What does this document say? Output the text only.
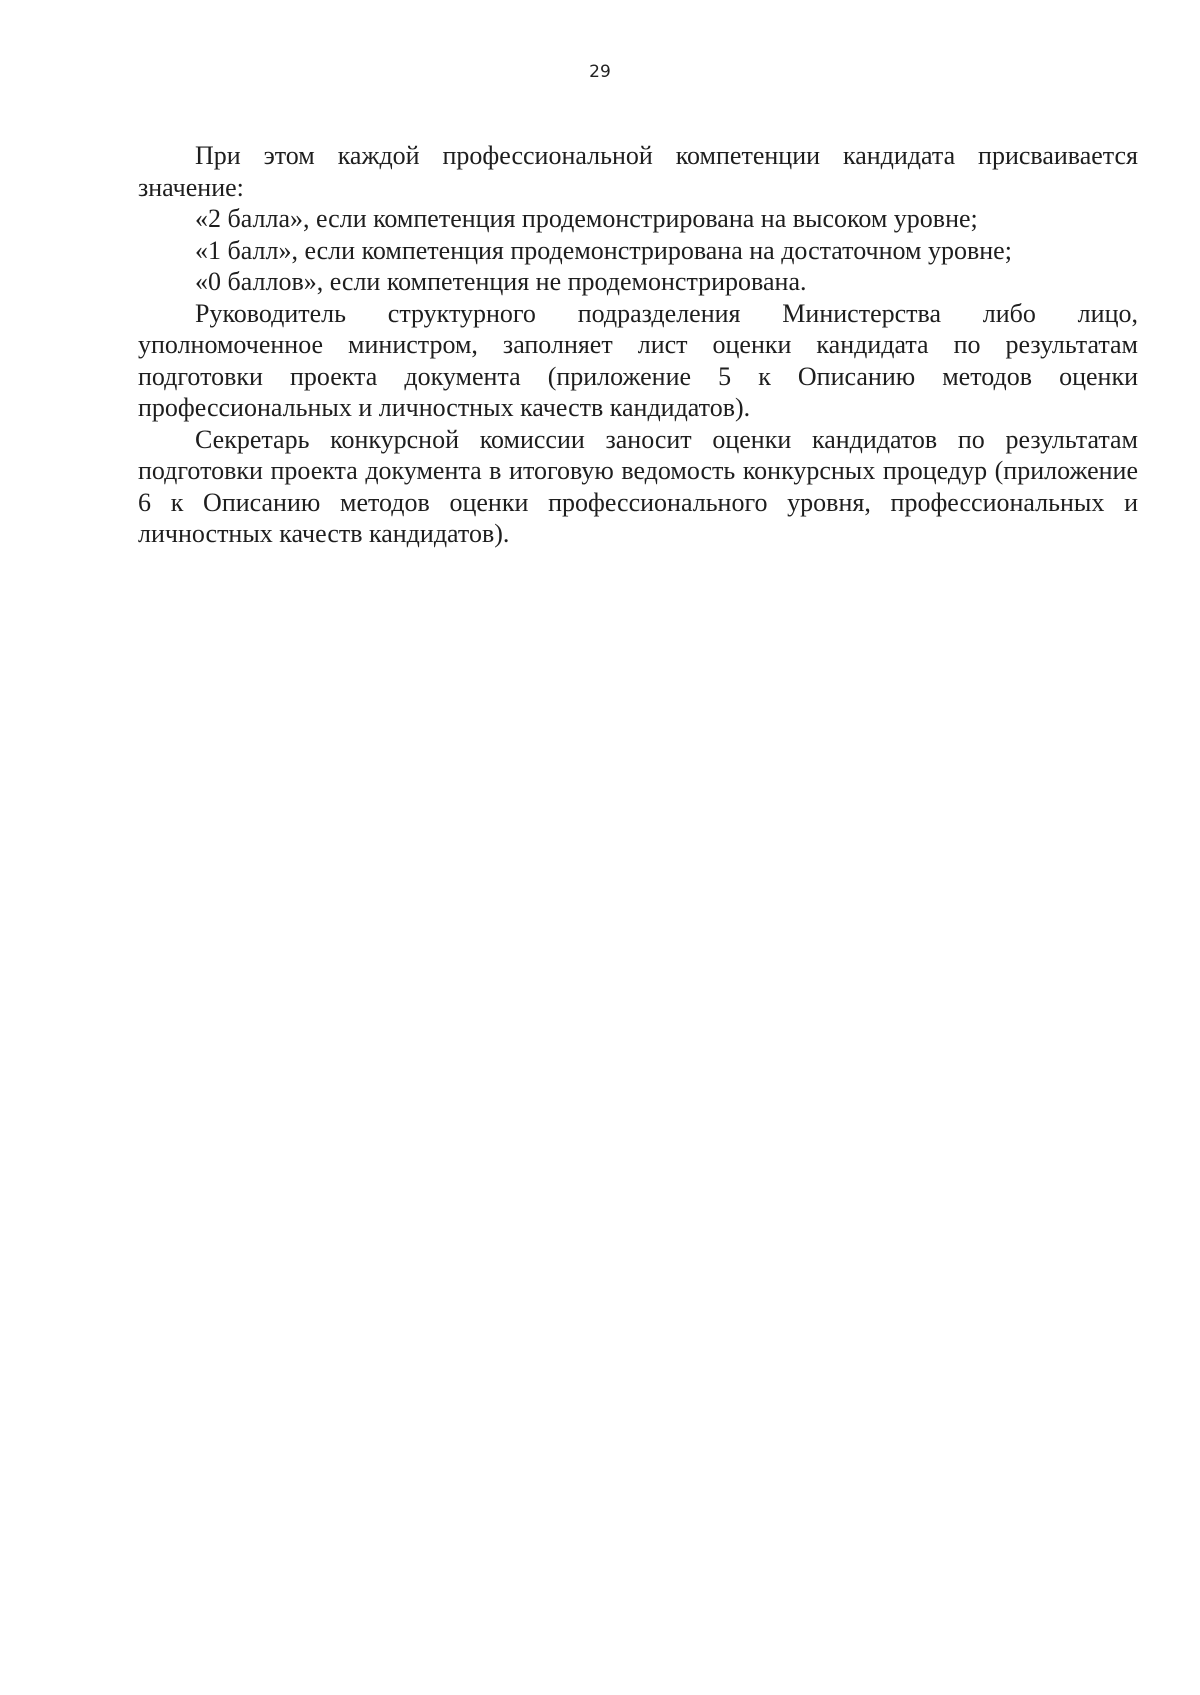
29

При этом каждой профессиональной компетенции кандидата присваивается значение:

«2 балла», если компетенция продемонстрирована на высоком уровне;

«1 балл», если компетенция продемонстрирована на достаточном уровне;

«0 баллов», если компетенция не продемонстрирована.

Руководитель структурного подразделения Министерства либо лицо, уполномоченное министром, заполняет лист оценки кандидата по результатам подготовки проекта документа (приложение 5 к Описанию методов оценки профессиональных и личностных качеств кандидатов).

Секретарь конкурсной комиссии заносит оценки кандидатов по результатам подготовки проекта документа в итоговую ведомость конкурсных процедур (приложение 6 к Описанию методов оценки профессионального уровня, профессиональных и личностных качеств кандидатов).
